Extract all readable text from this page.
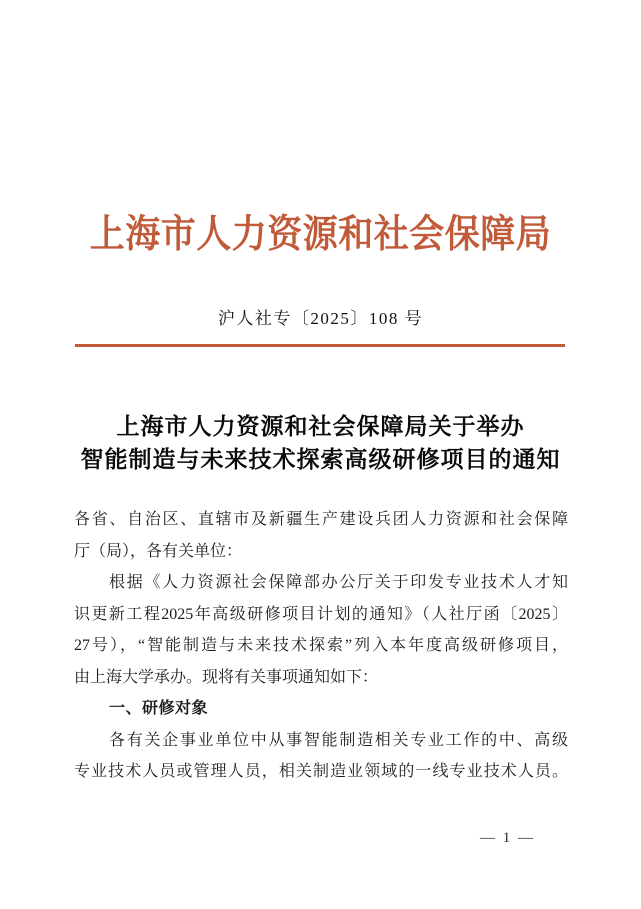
上海市人力资源和社会保障局
沪人社专〔2025〕108 号
上海市人力资源和社会保障局关于举办
智能制造与未来技术探索高级研修项目的通知
各省、自治区、直辖市及新疆生产建设兵团人力资源和社会保障
厅（局），各有关单位：
根据《人力资源社会保障部办公厅关于印发专业技术人才知
识更新工程2025年高级研修项目计划的通知》（人社厅函〔2025〕
27号），“智能制造与未来技术探索”列入本年度高级研修项目，
由上海大学承办。现将有关事项通知如下：
一、研修对象
各有关企事业单位中从事智能制造相关专业工作的中、高级
专业技术人员或管理人员，相关制造业领域的一线专业技术人员。
— 1 —
